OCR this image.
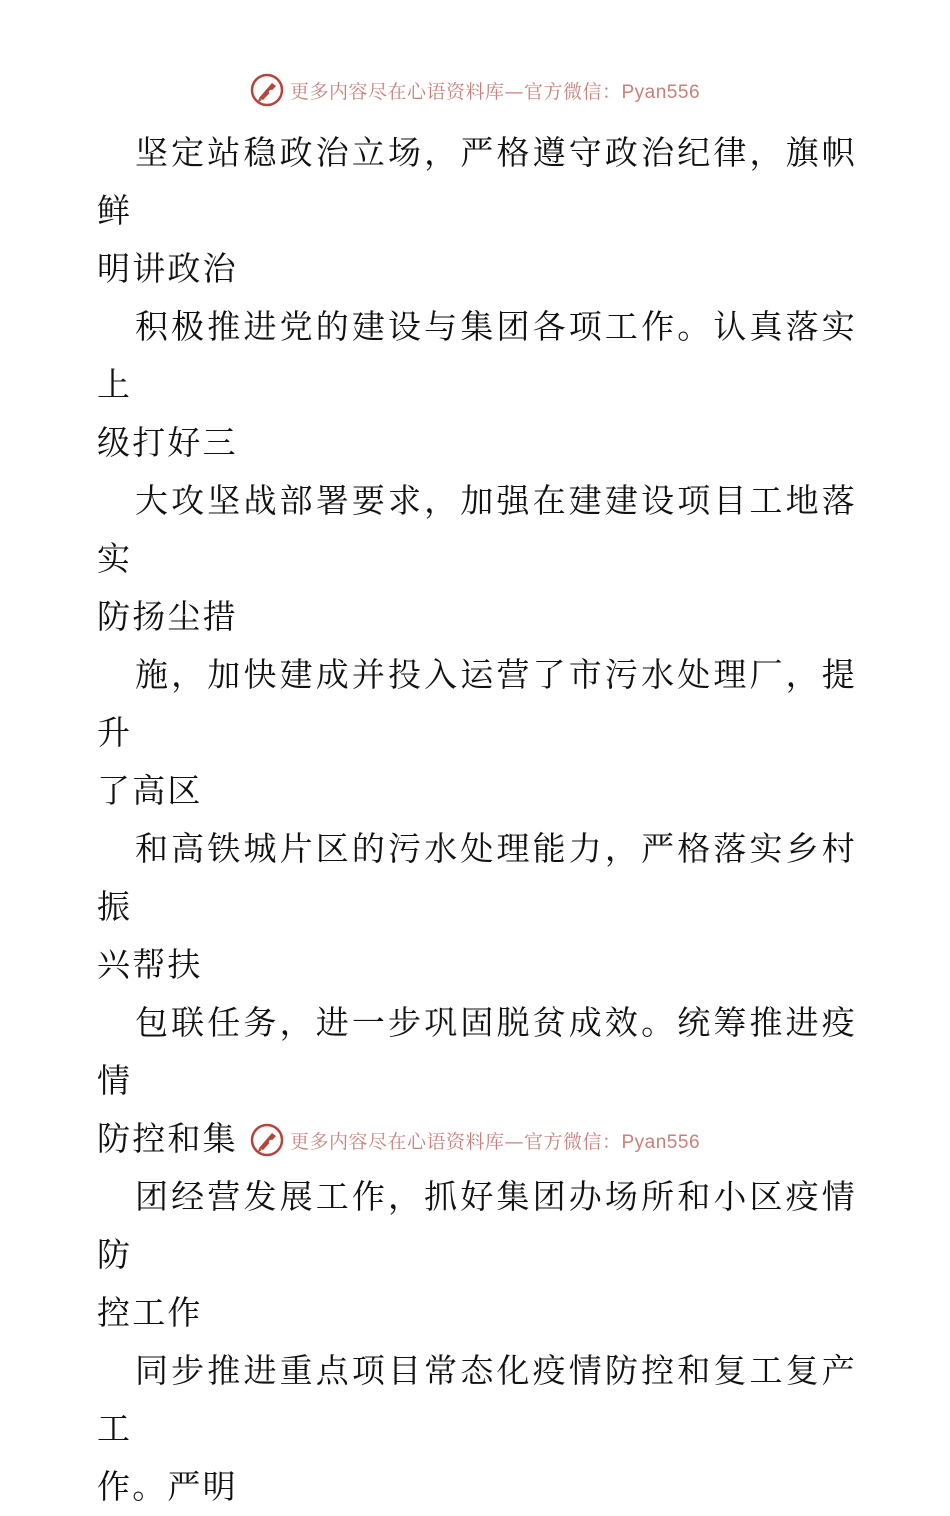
更多内容尽在心语资料库—官方微信：Pyan556

坚定站稳政治立场，严格遵守政治纪律，旗帜鲜
明讲政治

积极推进党的建设与集团各项工作。认真落实上
级打好三

大攻坚战部署要求，加强在建建设项目工地落实
防扬尘措

施，加快建成并投入运营了市污水处理厂，提升
了高区

和高铁城片区的污水处理能力，严格落实乡村振
兴帮扶

包联任务，进一步巩固脱贫成效。统筹推进疫情
防控和集

团经营发展工作，抓好集团办场所和小区疫情防
控工作

同步推进重点项目常态化疫情防控和复工复产工
作。严明

更多内容尽在心语资料库—官方微信：Pyan556
